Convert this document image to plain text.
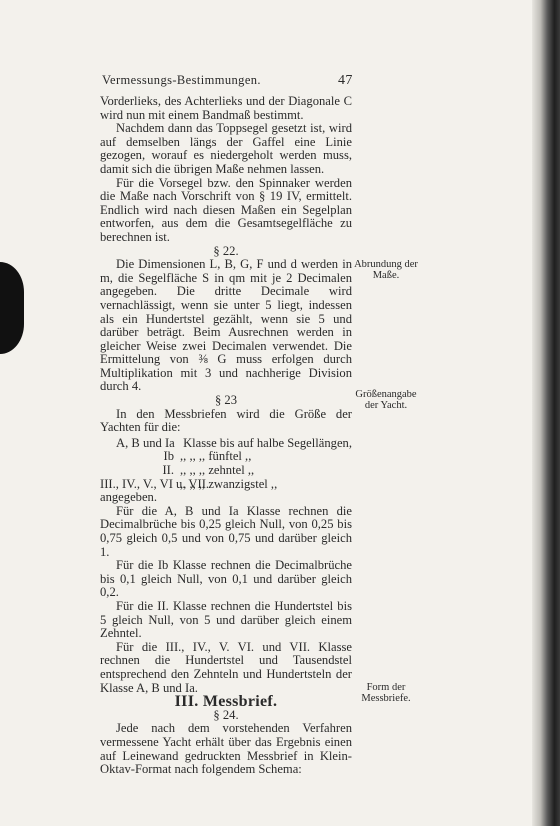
Vermessungs-Bestimmungen.	47

Vorderlieks, des Achterlieks und der Diagonale C wird nun mit einem Bandmaß bestimmt.

Nachdem dann das Toppsegel gesetzt ist, wird auf demselben längs der Gaffel eine Linie gezogen, worauf es niedergeholt werden muss, damit sich die übrigen Maße nehmen lassen.

Für die Vorsegel bzw. den Spinnaker werden die Maße nach Vorschrift von § 19 IV, ermittelt. Endlich wird nach diesen Maßen ein Segelplan entworfen, aus dem die Gesamtsegelfläche zu berechnen ist.

§ 22.

Die Dimensionen L, B, G, F und d werden in m, die Segelfläche S in qm mit je 2 Decimalen angegeben. Die dritte Decimale wird vernachlässigt, wenn sie unter 5 liegt, indessen als ein Hundertstel gezählt, wenn sie 5 und darüber beträgt. Beim Ausrechnen werden in gleicher Weise zwei Decimalen verwendet. Die Ermittelung von ⅜ G muss erfolgen durch Multiplikation mit 3 und nachherige Division durch 4.

§ 23

In den Messbriefen wird die Größe der Yachten für die:

A, B und Ia Klasse bis auf halbe Segellängen,
Ib ,, ,, ,, fünftel ,,
II. ,, ,, ,, zehntel ,,
III., IV., V., VI u. VII.
,, ,, ,, zwanzigstel ,,

angegeben.

Für die A, B und Ia Klasse rechnen die Decimalbrüche bis 0,25 gleich Null, von 0,25 bis 0,75 gleich 0,5 und von 0,75 und darüber gleich 1.

Für die Ib Klasse rechnen die Decimalbrüche bis 0,1 gleich Null, von 0,1 und darüber gleich 0,2.

Für die II. Klasse rechnen die Hundertstel bis 5 gleich Null, von 5 und darüber gleich einem Zehntel.

Für die III., IV., V. VI. und VII. Klasse rechnen die Hundertstel und Tausendstel entsprechend den Zehnteln und Hundertsteln der Klasse A, B und Ia.

III. Messbrief.

§ 24.

Jede nach dem vorstehenden Verfahren vermessene Yacht erhält über das Ergebnis einen auf Leinewand gedruckten Messbrief in Klein-Oktav-Format nach folgendem Schema:

Abrundung der Maße.
Größenangabe der Yacht.
Form der Messbriefe.
